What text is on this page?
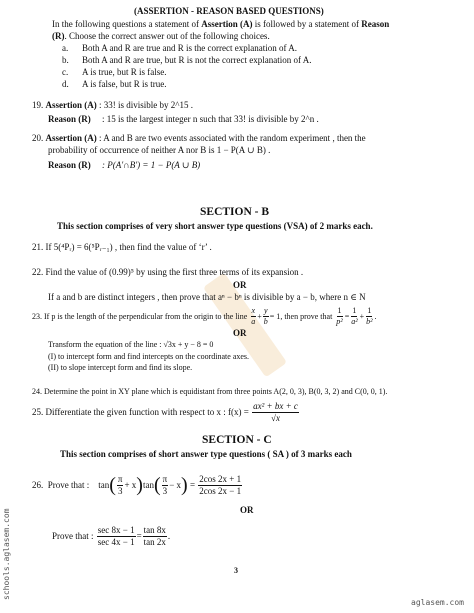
(ASSERTION - REASON BASED QUESTIONS)
In the following questions a statement of Assertion (A) is followed by a statement of Reason
(R). Choose the correct answer out of the following choices.
a. Both A and R are true and R is the correct explanation of A.
b. Both A and R are true, but R is not the correct explanation of A.
c. A is true, but R is false.
d. A is false, but R is true.
19. Assertion (A) : 33! is divisible by 2^15 .
Reason (R) : 15 is the largest integer n such that 33! is divisible by 2^n .
20. Assertion (A) : A and B are two events associated with the random experiment , then the
probability of occurrence of neither A nor B is 1 − P(A ∪ B) .
Reason (R) : P(A′∩B′) = 1 − P(A ∪ B)
SECTION - B
This section comprises of very short answer type questions (VSA) of 2 marks each.
21. If 5(⁴Pᵣ) = 6(⁵Pᵣ₋₁) , then find the value of ‘r’ .
22. Find the value of (0.99)⁵ by using the first three terms of its expansion .
OR
If a and b are distinct integers , then prove that aⁿ − bⁿ is divisible by a − b, where n ∈ N
23.
If p is the length of the perpendicular from the origin to the line
$\frac{x}{a} + \frac{y}{b} = 1$ , then prove that
$\frac{1}{\text{p²}} = \frac{1}{\text{a²}} + \frac{1}{\text{b²}}$ .
OR
Transform the equation of the line : √3x + y − 8 = 0
(I) to intercept form and find intercepts on the coordinate axes.
(II) to slope intercept form and find its slope.
24. Determine the point in XY plane which is equidistant from three points A(2, 0, 3), B(0, 3, 2) and C(0, 0, 1).
25.
Differentiate the given function with respect to x : f(x) =
$\frac{\text{ax² + bx + c}}{√x}$
SECTION - C
This section comprises of short answer type questions ( SA ) of 3 marks each
26.
Prove that :
tan ( $\frac{\pi}{3} + x$ ) tan ( $\frac{\pi}{3} - x$ )
=
$\frac{2\cos 2x + 1}{2\cos 2x - 1}$
OR
Prove that :
$\frac{\sec 8x - 1}{\sec 4x - 1} = \frac{\tan 8x}{\tan 2x}$ .
3
schools.aglasem.com
aglasem.com
